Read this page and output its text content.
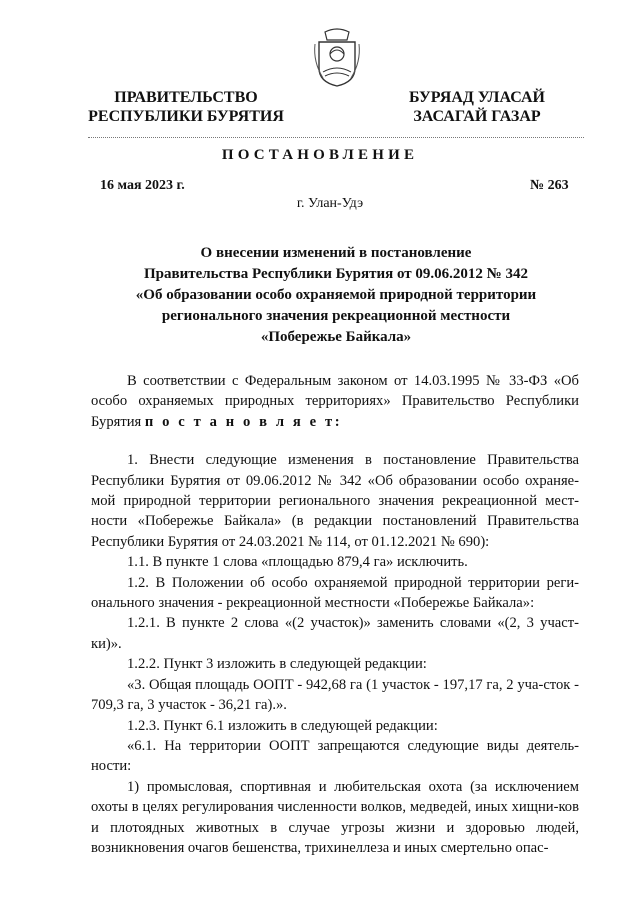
ПРАВИТЕЛЬСТВО
РЕСПУБЛИКИ БУРЯТИЯ
БУРЯАД УЛАСАЙ
ЗАСАГАЙ ГАЗАР
ПОСТАНОВЛЕНИЕ
16 мая 2023 г.	№ 263
г. Улан-Удэ
О внесении изменений в постановление
Правительства Республики Бурятия от 09.06.2012 № 342
«Об образовании особо охраняемой природной территории
регионального значения рекреационной местности
«Побережье Байкала»

В соответствии с Федеральным законом от 14.03.1995 № 33-ФЗ «Об особо охраняемых природных территориях» Правительство Республики Бурятия п о с т а н о в л я е т:

1. Внести следующие изменения в постановление Правительства Республики Бурятия от 09.06.2012 № 342 «Об образовании особо охраняе-мой природной территории регионального значения рекреационной мест-ности «Побережье Байкала» (в редакции постановлений Правительства Республики Бурятия от 24.03.2021 № 114, от 01.12.2021 № 690):

1.1. В пункте 1 слова «площадью 879,4 га» исключить.

1.2. В Положении об особо охраняемой природной территории реги-онального значения - рекреационной местности «Побережье Байкала»:

1.2.1. В пункте 2 слова «(2 участок)» заменить словами «(2, 3 участ-ки)».

1.2.2. Пункт 3 изложить в следующей редакции:

«3. Общая площадь ООПТ - 942,68 га (1 участок - 197,17 га, 2 уча-сток - 709,3 га, 3 участок - 36,21 га).».

1.2.3. Пункт 6.1 изложить в следующей редакции:

«6.1. На территории ООПТ запрещаются следующие виды деятель-ности:

1) промысловая, спортивная и любительская охота (за исключением охоты в целях регулирования численности волков, медведей, иных хищни-ков и плотоядных животных в случае угрозы жизни и здоровью людей, возникновения очагов бешенства, трихинеллеза и иных смертельно опас-
